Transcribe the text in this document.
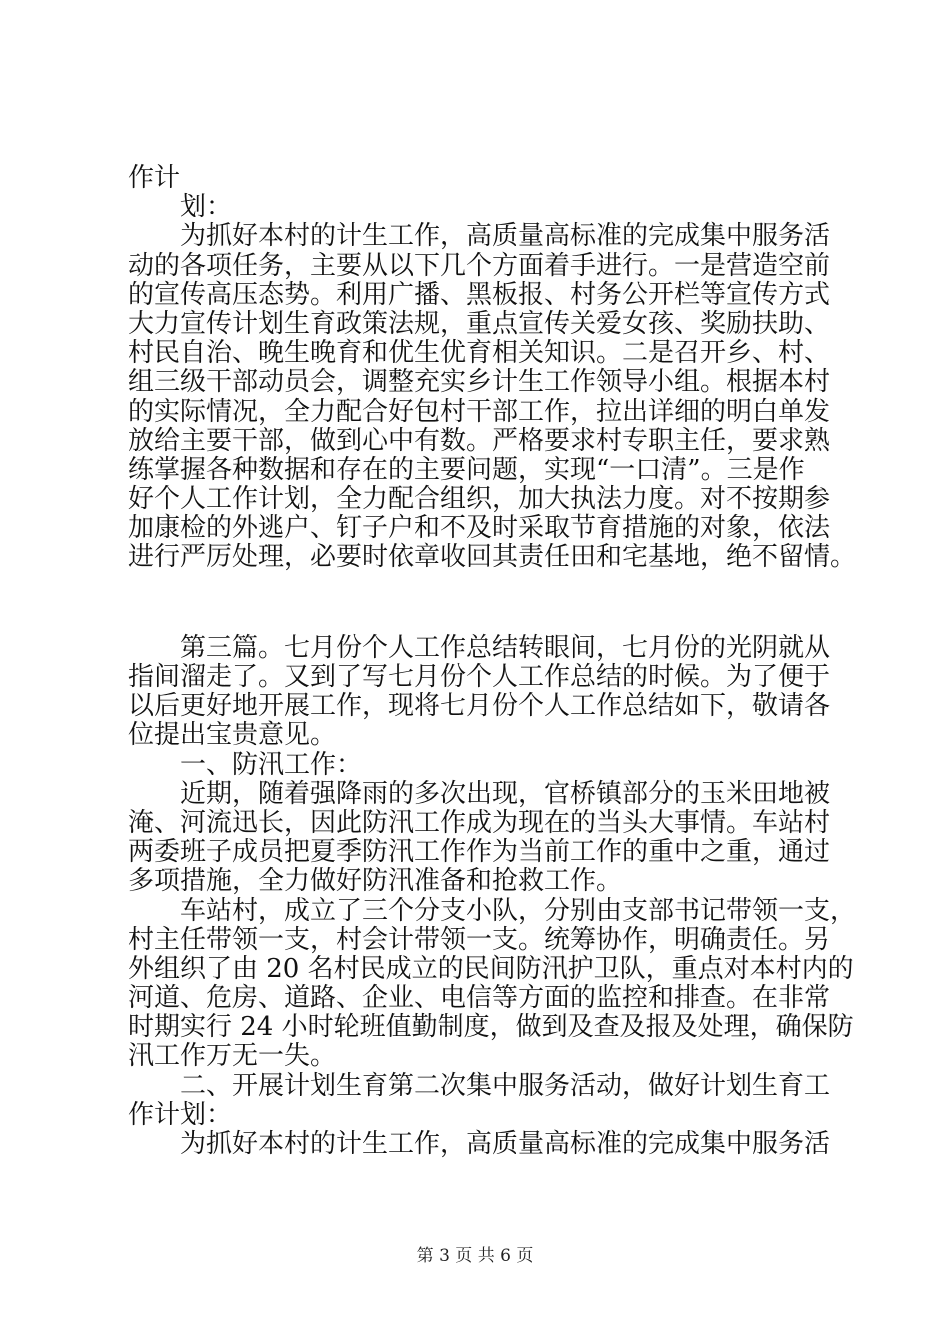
作计

划：

为抓好本村的计生工作，高质量高标准的完成集中服务活

动的各项任务，主要从以下几个方面着手进行。一是营造空前

的宣传高压态势。利用广播、黑板报、村务公开栏等宣传方式

大力宣传计划生育政策法规，重点宣传关爱女孩、奖励扶助、

村民自治、晚生晚育和优生优育相关知识。二是召开乡、村、

组三级干部动员会，调整充实乡计生工作领导小组。根据本村

的实际情况，全力配合好包村干部工作，拉出详细的明白单发

放给主要干部，做到心中有数。严格要求村专职主任，要求熟

练掌握各种数据和存在的主要问题，实现“一口清”。三是作

好个人工作计划，全力配合组织，加大执法力度。对不按期参

加康检的外逃户、钉子户和不及时采取节育措施的对象，依法

进行严厉处理，必要时依章收回其责任田和宅基地，绝不留情。

第三篇。七月份个人工作总结转眼间，七月份的光阴就从

指间溜走了。又到了写七月份个人工作总结的时候。为了便于

以后更好地开展工作，现将七月份个人工作总结如下，敬请各

位提出宝贵意见。

一、防汛工作：

近期，随着强降雨的多次出现，官桥镇部分的玉米田地被

淹、河流迅长，因此防汛工作成为现在的当头大事情。车站村

两委班子成员把夏季防汛工作作为当前工作的重中之重，通过

多项措施，全力做好防汛准备和抢救工作。

车站村，成立了三个分支小队，分别由支部书记带领一支，

村主任带领一支，村会计带领一支。统筹协作，明确责任。另

外组织了由 20 名村民成立的民间防汛护卫队，重点对本村内的

河道、危房、道路、企业、电信等方面的监控和排查。在非常

时期实行 24 小时轮班值勤制度，做到及查及报及处理，确保防

汛工作万无一失。

二、开展计划生育第二次集中服务活动，做好计划生育工

作计划：

为抓好本村的计生工作，高质量高标准的完成集中服务活

第 3 页 共 6 页
